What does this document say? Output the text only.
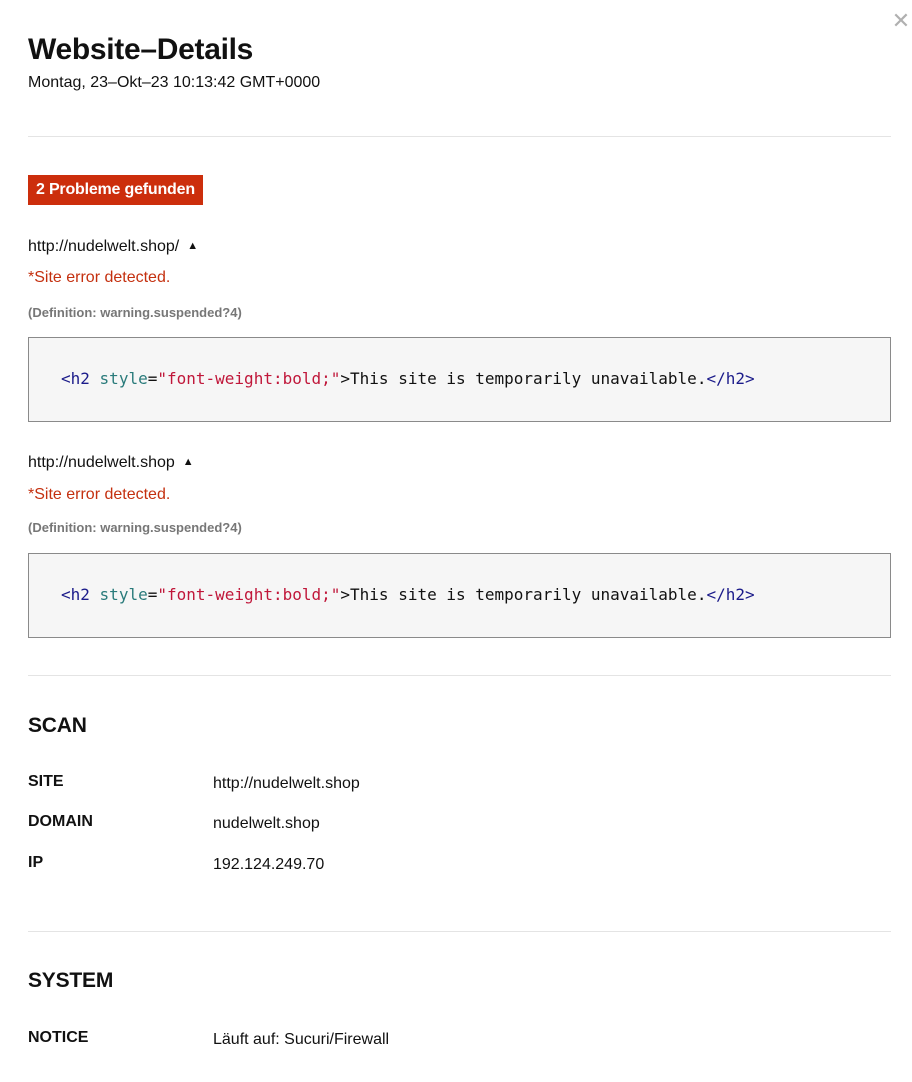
✕
Website–Details
Montag, 23–Okt–23 10:13:42 GMT+0000
2 Probleme gefunden
http://nudelwelt.shop/ ▲
*Site error detected.
(Definition: warning.suspended?4)
<h2 style="font-weight:bold;">This site is temporarily unavailable.</h2>
http://nudelwelt.shop ▲
*Site error detected.
(Definition: warning.suspended?4)
<h2 style="font-weight:bold;">This site is temporarily unavailable.</h2>
SCAN
SITE	http://nudelwelt.shop
DOMAIN	nudelwelt.shop
IP	192.124.249.70
SYSTEM
NOTICE	Läuft auf: Sucuri/Firewall
